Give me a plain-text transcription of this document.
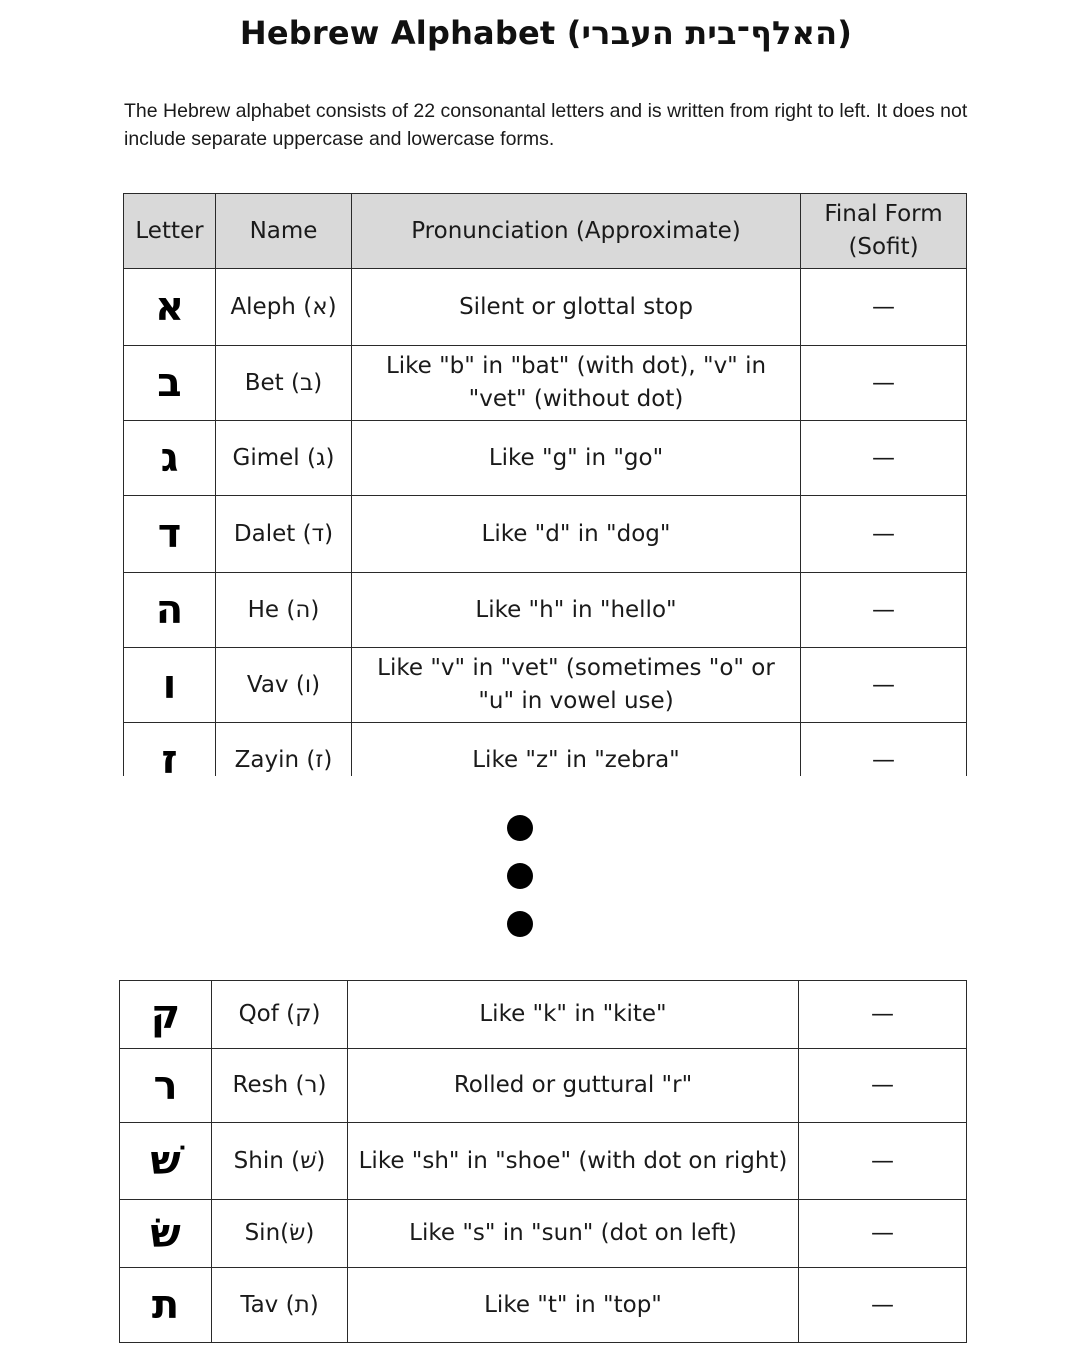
Hebrew Alphabet (האלף־בית העברי)
The Hebrew alphabet consists of 22 consonantal letters and is written from right to left. It does not include separate uppercase and lowercase forms.
Letter	Name	Pronunciation (Approximate)	Final Form (Sofit)
א	Aleph (א)	Silent or glottal stop	—
ב	Bet (ב)	Like "b" in "bat" (with dot), "v" in "vet" (without dot)	—
ג	Gimel (ג)	Like "g" in "go"	—
ד	Dalet (ד)	Like "d" in "dog"	—
ה	He (ה)	Like "h" in "hello"	—
ו	Vav (ו)	Like "v" in "vet" (sometimes "o" or "u" in vowel use)	—
ז	Zayin (ז)	Like "z" in "zebra"	—
ק	Qof (ק)	Like "k" in "kite"	—
ר	Resh (ר)	Rolled or guttural "r"	—
שׁ	Shin (שׁ)	Like "sh" in "shoe" (with dot on right)	—
שׂ	Sin(שׂ)	Like "s" in "sun" (dot on left)	—
ת	Tav (ת)	Like "t" in "top"	—
